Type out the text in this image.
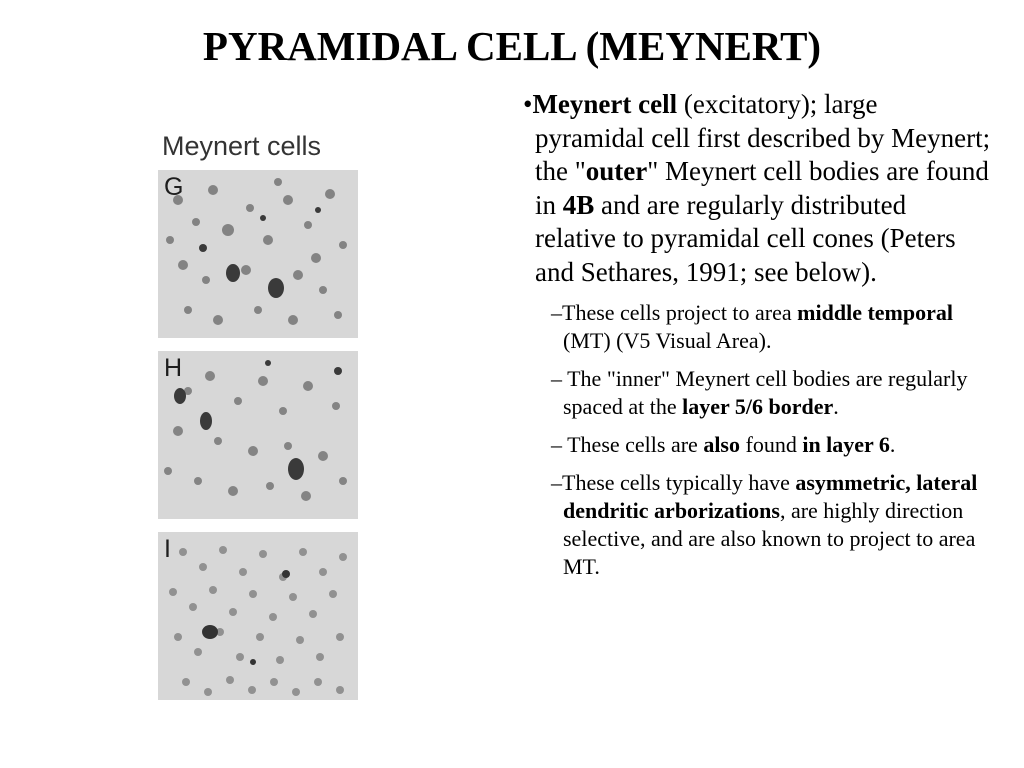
PYRAMIDAL CELL (MEYNERT)
Meynert cells
G
H
I

•Meynert cell (excitatory); large pyramidal cell first described by Meynert; the "outer" Meynert cell bodies are found in 4B and are regularly distributed relative to pyramidal cell cones (Peters and Sethares, 1991; see below).

–These cells project to area middle temporal (MT) (V5 Visual Area).

– The "inner" Meynert cell bodies are regularly spaced at the layer 5/6 border.

– These cells are also found in layer 6.

–These cells typically have asymmetric, lateral dendritic arborizations, are highly direction selective, and are also known to project to area MT.
